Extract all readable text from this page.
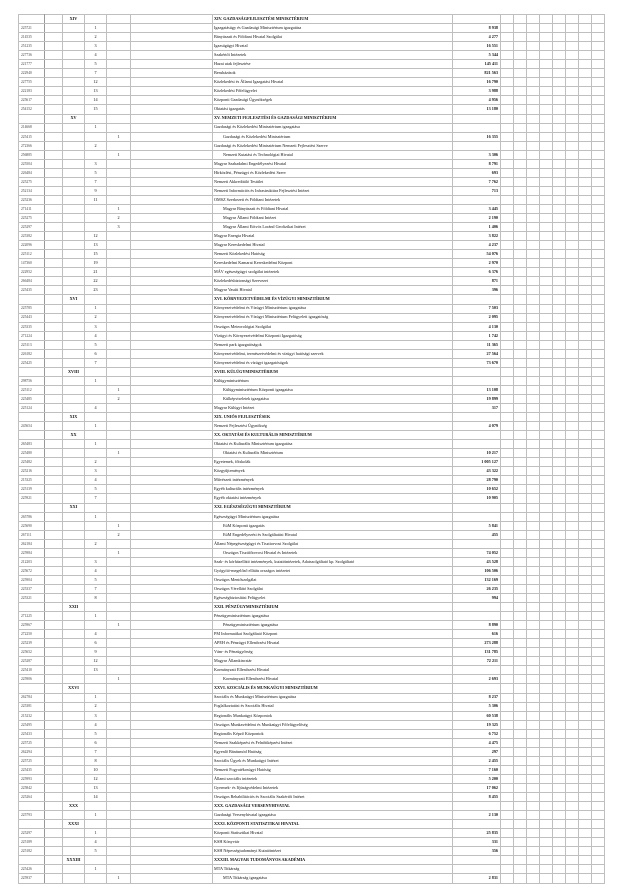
		XIV				XIV. GAZDASÁGFEJLESZTÉSI MINISZTÉRIUM									
225721			1			Igazgatásügy és Gazdasági Minisztérium igazgatása	8 938								
214535			2			Bányászati és Földtani Hivatal Szolgálat	4 277								
251235			3			Igazságügyi Hivatal	16 551								
227736			4			Szakértői Intézetek	5 344								
221777			5			Hazai utak fejlesztése	145 411								
222940			7			Beruházások	821 563								
227755			12			Közlekedési és Állami Igazgatási Hivatal	16 790								
222183			13			Közlekedési Főfelügyelet	3 988								
225617			14			Központi Gazdasági Ügynökségek	4 956								
254152			15			Oktatási igazgatás	13 180								
		XV				XV. NEMZETI FEJLESZTÉSI ÉS GAZDASÁGI MINISZTÉRIUM									
214668			1			Gazdasági és Közlekedési Minisztérium igazgatása									
225415				1		Gazdasági és Közlekedési Minisztérium	16 355								
272366			2			Gazdasági és Közlekedési Minisztérium Nemzeti Fejlesztési Szerve									
256885				1		Nemzeti Kutatási és Technológiai Hivatal	3 306								
225504			3			Magyar Szabadalmi Engedélyezési Hivatal	8 791								
226484			5			Hírközlési, Pénzügyi és Közlekedési Szerv	693								
225275			7			Nemzeti Akkreditáló Testület	7 762								
252134			9			Nemzeti Információs és Infrastruktúra Fejlesztési Intézet	713								
225236			11			OMSZ Szerkezeti és Földtani Intézetek									
271411				1		Magyar Bányászati és Földtani Hivatal	3 445								
225275				2		Magyar Állami Földtani Intézet	2 190								
225297				3		Magyar Állami Eötvös Loránd Geofizikai Intézet	1 406								
225382			12			Magyar Energia Hivatal	3 822								
222096			13			Magyar Kereskedelmi Hivatal	4 237								
225112			15			Nemzeti Közlekedési Hatóság	54 076								
147360			19			Kereskedelmi Kamarai Kereskedelmi Központ	2 970								
222952			21			MÁV egészségügyi szolgálat intézetek	6 376								
266484			22			Közlekedésbiztonsági Szervezet	871								
225435			23			Magyar Vasúti Hivatal	396								
		XVI				XVI. KÖRNYEZETVÉDELMI ÉS VÍZÜGYI MINISZTÉRIUM									
225785			1			Környezetvédelmi és Vízügyi Minisztérium igazgatása	7 503								
225443			2			Környezetvédelmi és Vízügyi Minisztérium Felügyeleti igazgatóság	2 095								
225335			3			Országos Meteorológiai Szolgálat	4 130								
271224			4			Vízügyi és Környezetvédelmi Központi Igazgatóság	1 742								
225113			5			Nemzeti park igazgatóságok	11 365								
226182			6			Környezetvédelmi, természetvédelmi és vízügyi hatósági szervek	27 564								
225425			7			Környezetvédelmi és vízügyi igazgatóságok	73 670								
		XVIII				XVIII. KÜLÜGYMINISZTÉRIUM									
298756			1			Külügyminisztérium									
225112				1		Külügyminisztérium Központi igazgatása	13 108								
225485				2		Külképviseletek igazgatása	19 899								
225124			4			Magyar Külügyi Intézet	317								
		XIX				XIX. UNIÓS FEJLESZTÉSEK									
245654			1			Nemzeti Fejlesztési Ügynökség	4 079								
		XX				XX. OKTATÁSI ÉS KULTURÁLIS MINISZTÉRIUM									
265483			1			Oktatási és Kulturális Minisztérium igazgatása									
225480				1		Oktatási és Kulturális Minisztérium	10 217								
225482			2			Egyetemek, főiskolák	1 005 127								
225216			3			Közgyűjtemények	43 322								
215325			4			Művészeti intézmények	28 790								
225139			5			Egyéb kulturális intézmények	10 652								
225921			7			Egyéb oktatási intézmények	10 905								
		XXI				XXI. EGÉSZSÉGÜGYI MINISZTÉRIUM									
265786			1			Egészségügyi Minisztérium igazgatása									
225690				1		EüM Központi igazgatás	5 841								
267111				2		EüM Engedélyezési és Szolgáltatási Hivatal	455								
262184			2			Állami Népegészségügyi és Tisztiorvosi Szolgálat									
225984				1		Országos Tisztifőorvosi Hivatal és Intézetek	74 052								
212203			3			Szak- és kórházellátó intézmények, kutatóintézetek, Adatszolgáltató kp. Szolgáltató	43 528								
225672			4			Gyógyító-megelőző ellátás országos intézetei	106 506								
225904			5			Országos Mentőszolgálat	132 169								
225337			7			Országos Vérellátó Szolgálat	26 235								
225321			8			Egészségbiztosítási Felügyelet	994								
		XXII				XXII. PÉNZÜGYMINISZTÉRIUM									
271225			1			Pénzügyminisztérium igazgatása									
225967				1		Pénzügyminisztérium igazgatása	8 890								
272250			4			PM Informatikai Szolgáltató Központ	616								
225239			6			APEH és Pénzügyi Ellenőrzési Hivatal	273 288								
225652			9			Vám- és Pénzügyőrség	131 785								
225287			12			Magyar Államkincstár	72 211								
225410			13			Kormányzati Ellenőrzési Hivatal									
225906				1		Kormányzati Ellenőrzési Hivatal	2 693								
		XXVI				XXVI. SZOCIÁLIS ÉS MUNKAÜGYI MINISZTÉRIUM									
262784			1			Szociális és Munkaügyi Minisztérium igazgatása	8 237								
225381			2			Foglalkoztatási és Szociális Hivatal	5 306								
215232			3			Regionális Munkaügyi Központok	60 538								
225495			4			Országos Munkavédelmi és Munkaügyi Főfelügyelőség	19 325								
225433			5			Regionális Képző Központok	6 752								
225725			6			Nemzeti Szakképzési és Felnőttképzési Intézet	4 475								
262294			7			Egyenlő Bánásmód Hatóság	297								
225725			8			Szociális Ügyek és Munkaügyi Intézet	2 455								
225435			10			Nemzeti Fogyatékosügyi Hatóság	7 160								
225993			12			Állami szociális intézetek	5 200								
225842			13			Gyermek- és Ifjúságvédelmi Intézetek	17 062								
225264			14			Országos Rehabilitációs és Szociális Szakértői Intézet	8 455								
		XXX				XXX. GAZDASÁGI VERSENYHIVATAL									
225793			1			Gazdasági Versenyhivatal igazgatása	2 130								
		XXXI				XXXI. KÖZPONTI STATISZTIKAI HIVATAL									
225297			1			Központi Statisztikai Hivatal	25 835								
225189			4			KSH Könyvtár	331								
225182			5			KSH Népességtudományi Kutatóintézet	356								
		XXXIII				XXXIII. MAGYAR TUDOMÁNYOS AKADÉMIA									
225426			1			MTA Titkárság									
225937				1		MTA Titkárság igazgatása	2 831								
